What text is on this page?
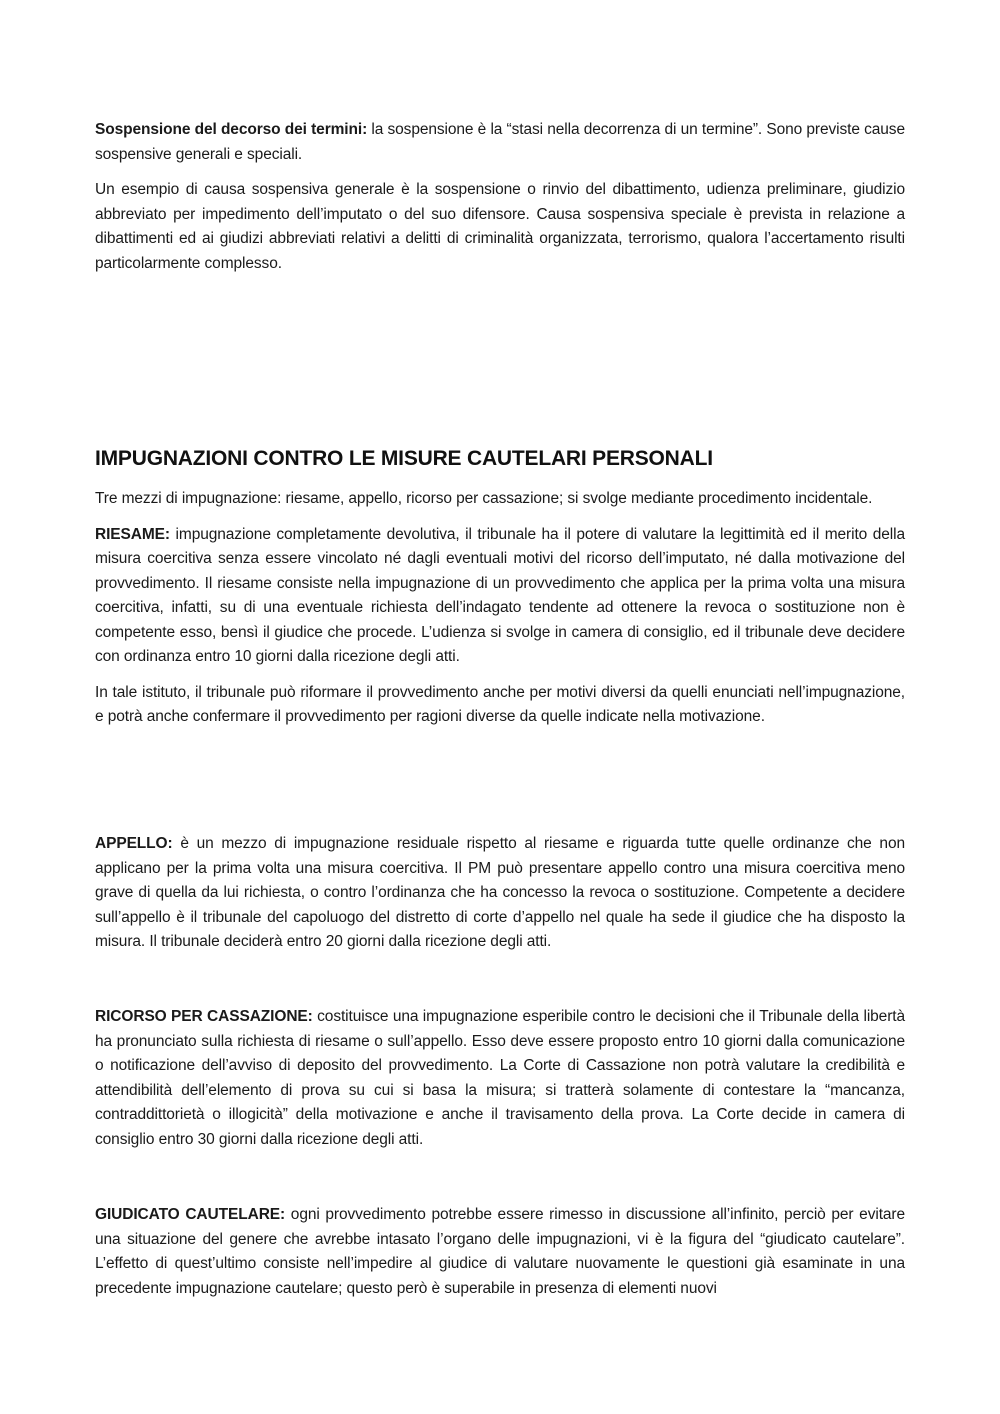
Sospensione del decorso dei termini: la sospensione è la “stasi nella decorrenza di un termine”. Sono previste cause sospensive generali e speciali.

Un esempio di causa sospensiva generale è la sospensione o rinvio del dibattimento, udienza preliminare, giudizio abbreviato per impedimento dell’imputato o del suo difensore. Causa sospensiva speciale è prevista in relazione a dibattimenti ed ai giudizi abbreviati relativi a delitti di criminalità organizzata, terrorismo, qualora l’accertamento risulti particolarmente complesso.

IMPUGNAZIONI CONTRO LE MISURE CAUTELARI PERSONALI

Tre mezzi di impugnazione: riesame, appello, ricorso per cassazione; si svolge mediante procedimento incidentale.

RIESAME: impugnazione completamente devolutiva, il tribunale ha il potere di valutare la legittimità ed il merito della misura coercitiva senza essere vincolato né dagli eventuali motivi del ricorso dell’imputato, né dalla motivazione del provvedimento. Il riesame consiste nella impugnazione di un provvedimento che applica per la prima volta una misura coercitiva, infatti, su di una eventuale richiesta dell’indagato tendente ad ottenere la revoca o sostituzione non è competente esso, bensì il giudice che procede. L’udienza si svolge in camera di consiglio, ed il tribunale deve decidere con ordinanza entro 10 giorni dalla ricezione degli atti.

In tale istituto, il tribunale può riformare il provvedimento anche per motivi diversi da quelli enunciati nell’impugnazione, e potrà anche confermare il provvedimento per ragioni diverse da quelle indicate nella motivazione.

APPELLO: è un mezzo di impugnazione residuale rispetto al riesame e riguarda tutte quelle ordinanze che non applicano per la prima volta una misura coercitiva. Il PM può presentare appello contro una misura coercitiva meno grave di quella da lui richiesta, o contro l’ordinanza che ha concesso la revoca o sostituzione. Competente a decidere sull’appello è il tribunale del capoluogo del distretto di corte d’appello nel quale ha sede il giudice che ha disposto la misura. Il tribunale deciderà entro 20 giorni dalla ricezione degli atti.

RICORSO PER CASSAZIONE: costituisce una impugnazione esperibile contro le decisioni che il Tribunale della libertà ha pronunciato sulla richiesta di riesame o sull’appello. Esso deve essere proposto entro 10 giorni dalla comunicazione o notificazione dell’avviso di deposito del provvedimento. La Corte di Cassazione non potrà valutare la credibilità e attendibilità dell’elemento di prova su cui si basa la misura; si tratterà solamente di contestare la “mancanza, contraddittorietà o illogicità” della motivazione e anche il travisamento della prova. La Corte decide in camera di consiglio entro 30 giorni dalla ricezione degli atti.

GIUDICATO CAUTELARE: ogni provvedimento potrebbe essere rimesso in discussione all’infinito, perciò per evitare una situazione del genere che avrebbe intasato l’organo delle impugnazioni, vi è la figura del “giudicato cautelare”. L’effetto di quest’ultimo consiste nell’impedire al giudice di valutare nuovamente le questioni già esaminate in una precedente impugnazione cautelare; questo però è superabile in presenza di elementi nuovi
